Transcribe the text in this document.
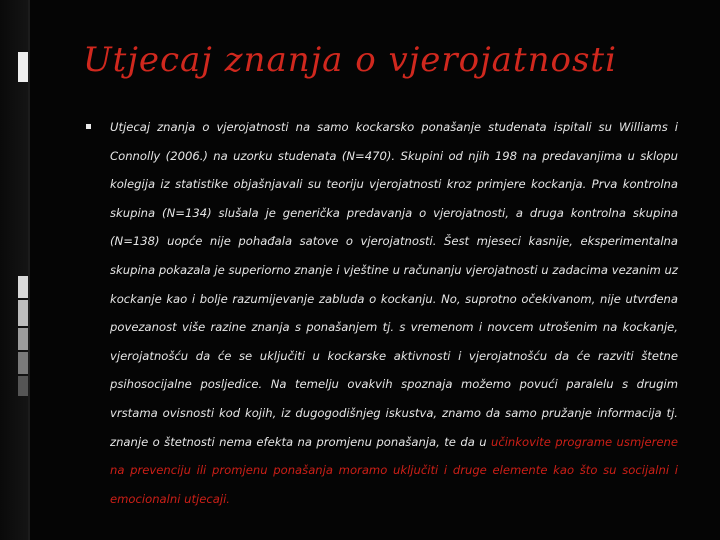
Utjecaj znanja o vjerojatnosti
Utjecaj znanja o vjerojatnosti na samo kockarsko ponašanje studenata ispitali su Williams i Connolly (2006.) na uzorku studenata (N=470). Skupini od njih 198 na predavanjima u sklopu kolegija iz statistike objašnjavali su teoriju vjerojatnosti kroz primjere kockanja. Prva kontrolna skupina (N=134) slušala je generička predavanja o vjerojatnosti, a druga kontrolna skupina (N=138) uopće nije pohađala satove o vjerojatnosti. Šest mjeseci kasnije, eksperimentalna skupina pokazala je superiorno znanje i vještine u računanju vjerojatnosti u zadacima vezanim uz kockanje kao i bolje razumijevanje zabluda o kockanju. No, suprotno očekivanom, nije utvrđena povezanost više razine znanja s ponašanjem tj. s vremenom i novcem utrošenim na kockanje, vjerojatnošću da će se uključiti u kockarske aktivnosti i vjerojatnošću da će razviti štetne psihosocijalne posljedice. Na temelju ovakvih spoznaja možemo povući paralelu s drugim vrstama ovisnosti kod kojih, iz dugogodišnjeg iskustva, znamo da samo pružanje informacija tj. znanje o štetnosti nema efekta na promjenu ponašanja, te da u učinkovite programe usmjerene na prevenciju ili promjenu ponašanja moramo uključiti i druge elemente kao što su socijalni i emocionalni utjecaji.
